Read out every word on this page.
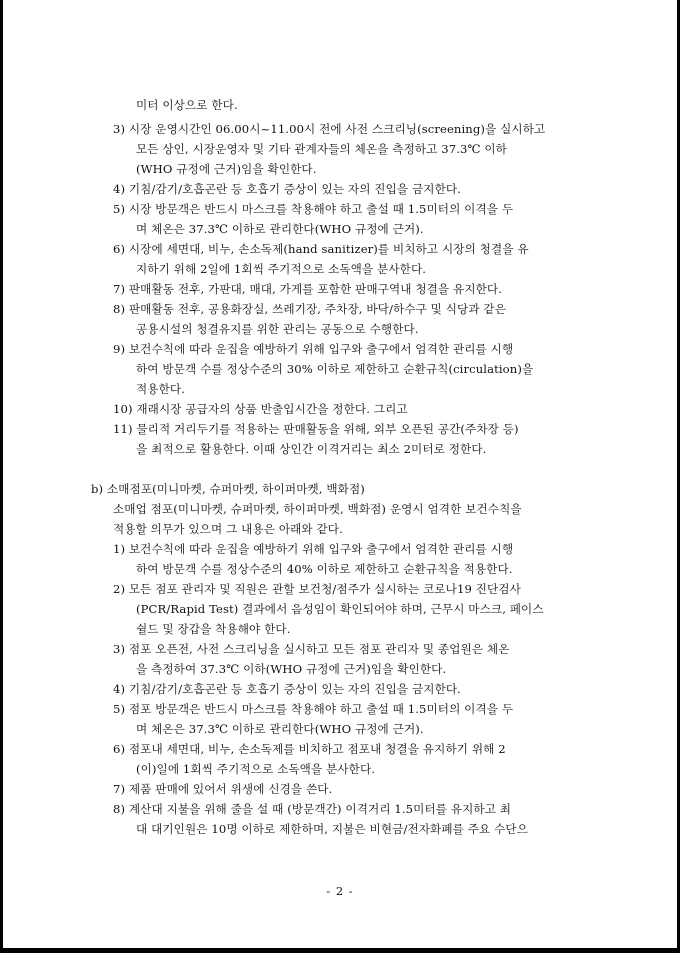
미터 이상으로 한다.
3) 시장 운영시간인 06.00시~11.00시 전에 사전 스크리닝(screening)을 실시하고
모든 상인, 시장운영자 및 기타 관계자들의 체온을 측정하고 37.3℃ 이하
(WHO 규정에 근거)임을 확인한다.
4) 기침/감기/호흡곤란 등 호흡기 증상이 있는 자의 진입을 금지한다.
5) 시장 방문객은 반드시 마스크를 착용해야 하고 출설 때 1.5미터의 이격을 두
며 체온은 37.3℃ 이하로 관리한다(WHO 규정에 근거).
6) 시장에 세면대, 비누, 손소독제(hand sanitizer)를 비치하고 시장의 청결을 유
지하기 위해 2일에 1회씩 주기적으로 소독액을 분사한다.
7) 판매활동 전후, 가판대, 매대, 가게를 포함한 판매구역내 청결을 유지한다.
8) 판매활동 전후, 공용화장실, 쓰레기장, 주차장, 바닥/하수구 및 식당과 같은
공용시설의 청결유지를 위한 관리는 공동으로 수행한다.
9) 보건수칙에 따라 운집을 예방하기 위해 입구와 출구에서 엄격한 관리를 시행
하여 방문객 수를 정상수준의 30% 이하로 제한하고 순환규칙(circulation)을
적용한다.
10) 재래시장 공급자의 상품 반출입시간을 정한다. 그리고
11) 물리적 거리두기를 적용하는 판매활동을 위해, 외부 오픈된 공간(주차장 등)
을 최적으로 활용한다. 이때 상인간 이격거리는 최소 2미터로 정한다.
b) 소매점포(미니마켓, 슈퍼마켓, 하이퍼마켓, 백화점)
소매업 점포(미니마켓, 슈퍼마켓, 하이퍼마켓, 백화점) 운영시 엄격한 보건수칙을
적용할 의무가 있으며 그 내용은 아래와 같다.
1) 보건수칙에 따라 운집을 예방하기 위해 입구와 출구에서 엄격한 관리를 시행
하여 방문객 수를 정상수준의 40% 이하로 제한하고 순환규칙을 적용한다.
2) 모든 점포 관리자 및 직원은 관할 보건청/점주가 실시하는 코로나19 진단검사
(PCR/Rapid Test) 결과에서 음성임이 확인되어야 하며, 근무시 마스크, 페이스
쉴드 및 장갑을 착용해야 한다.
3) 점포 오픈전, 사전 스크리닝을 실시하고 모든 점포 관리자 및 종업원은 체온
을 측정하여 37.3℃ 이하(WHO 규정에 근거)임을 확인한다.
4) 기침/감기/호흡곤란 등 호흡기 증상이 있는 자의 진입을 금지한다.
5) 점포 방문객은 반드시 마스크를 착용해야 하고 출설 때 1.5미터의 이격을 두
며 체온은 37.3℃ 이하로 관리한다(WHO 규정에 근거).
6) 점포내 세면대, 비누, 손소독제를 비치하고 점포내 청결을 유지하기 위해 2
(이)일에 1회씩 주기적으로 소독액을 분사한다.
7) 제품 판매에 있어서 위생에 신경을 쓴다.
8) 계산대 지불을 위해 줄을 설 때 (방문객간) 이격거리 1.5미터를 유지하고 최
대 대기인원은 10명 이하로 제한하며, 지불은 비현금/전자화폐를 주요 수단으
- 2 -
